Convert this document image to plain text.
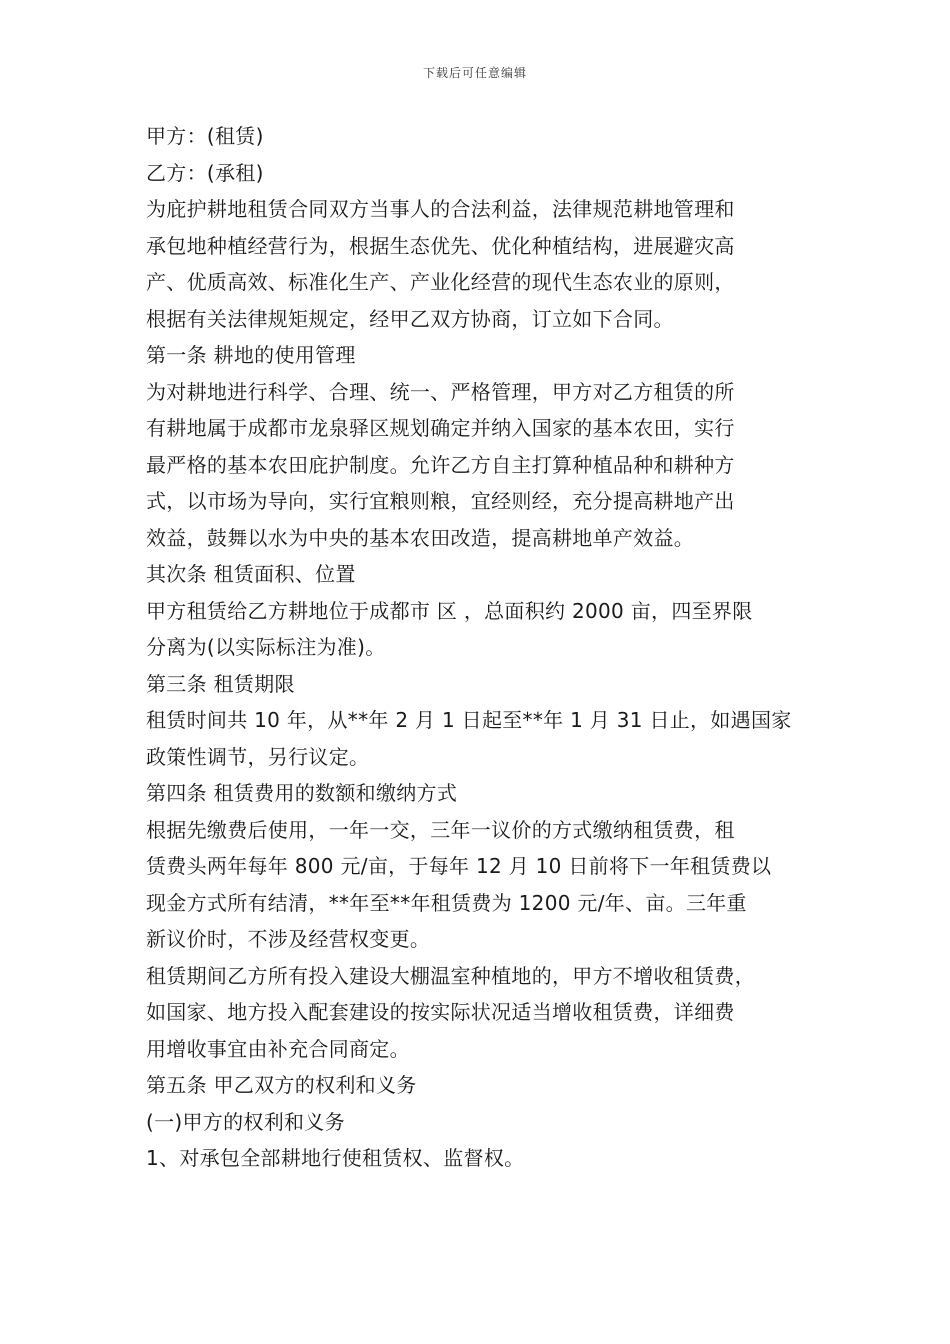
下载后可任意编辑
甲方：(租赁)
乙方：(承租)
为庇护耕地租赁合同双方当事人的合法利益，法律规范耕地管理和
承包地种植经营行为，根据生态优先、优化种植结构，进展避灾高
产、优质高效、标准化生产、产业化经营的现代生态农业的原则，
根据有关法律规矩规定，经甲乙双方协商，订立如下合同。
第一条 耕地的使用管理
为对耕地进行科学、合理、统一、严格管理，甲方对乙方租赁的所
有耕地属于成都市龙泉驿区规划确定并纳入国家的基本农田，实行
最严格的基本农田庇护制度。允许乙方自主打算种植品种和耕种方
式，以市场为导向，实行宜粮则粮，宜经则经，充分提高耕地产出
效益，鼓舞以水为中央的基本农田改造，提高耕地单产效益。
其次条 租赁面积、位置
甲方租赁给乙方耕地位于成都市 区 ，总面积约 2000 亩，四至界限
分离为(以实际标注为准)。
第三条 租赁期限
租赁时间共 10 年，从**年 2 月 1 日起至**年 1 月 31 日止，如遇国家
政策性调节，另行议定。
第四条 租赁费用的数额和缴纳方式
根据先缴费后使用，一年一交，三年一议价的方式缴纳租赁费，租
赁费头两年每年 800 元/亩，于每年 12 月 10 日前将下一年租赁费以
现金方式所有结清，**年至**年租赁费为 1200 元/年、亩。三年重
新议价时，不涉及经营权变更。
租赁期间乙方所有投入建设大棚温室种植地的，甲方不增收租赁费，
如国家、地方投入配套建设的按实际状况适当增收租赁费，详细费
用增收事宜由补充合同商定。
第五条 甲乙双方的权利和义务
(一)甲方的权利和义务
1、对承包全部耕地行使租赁权、监督权。
